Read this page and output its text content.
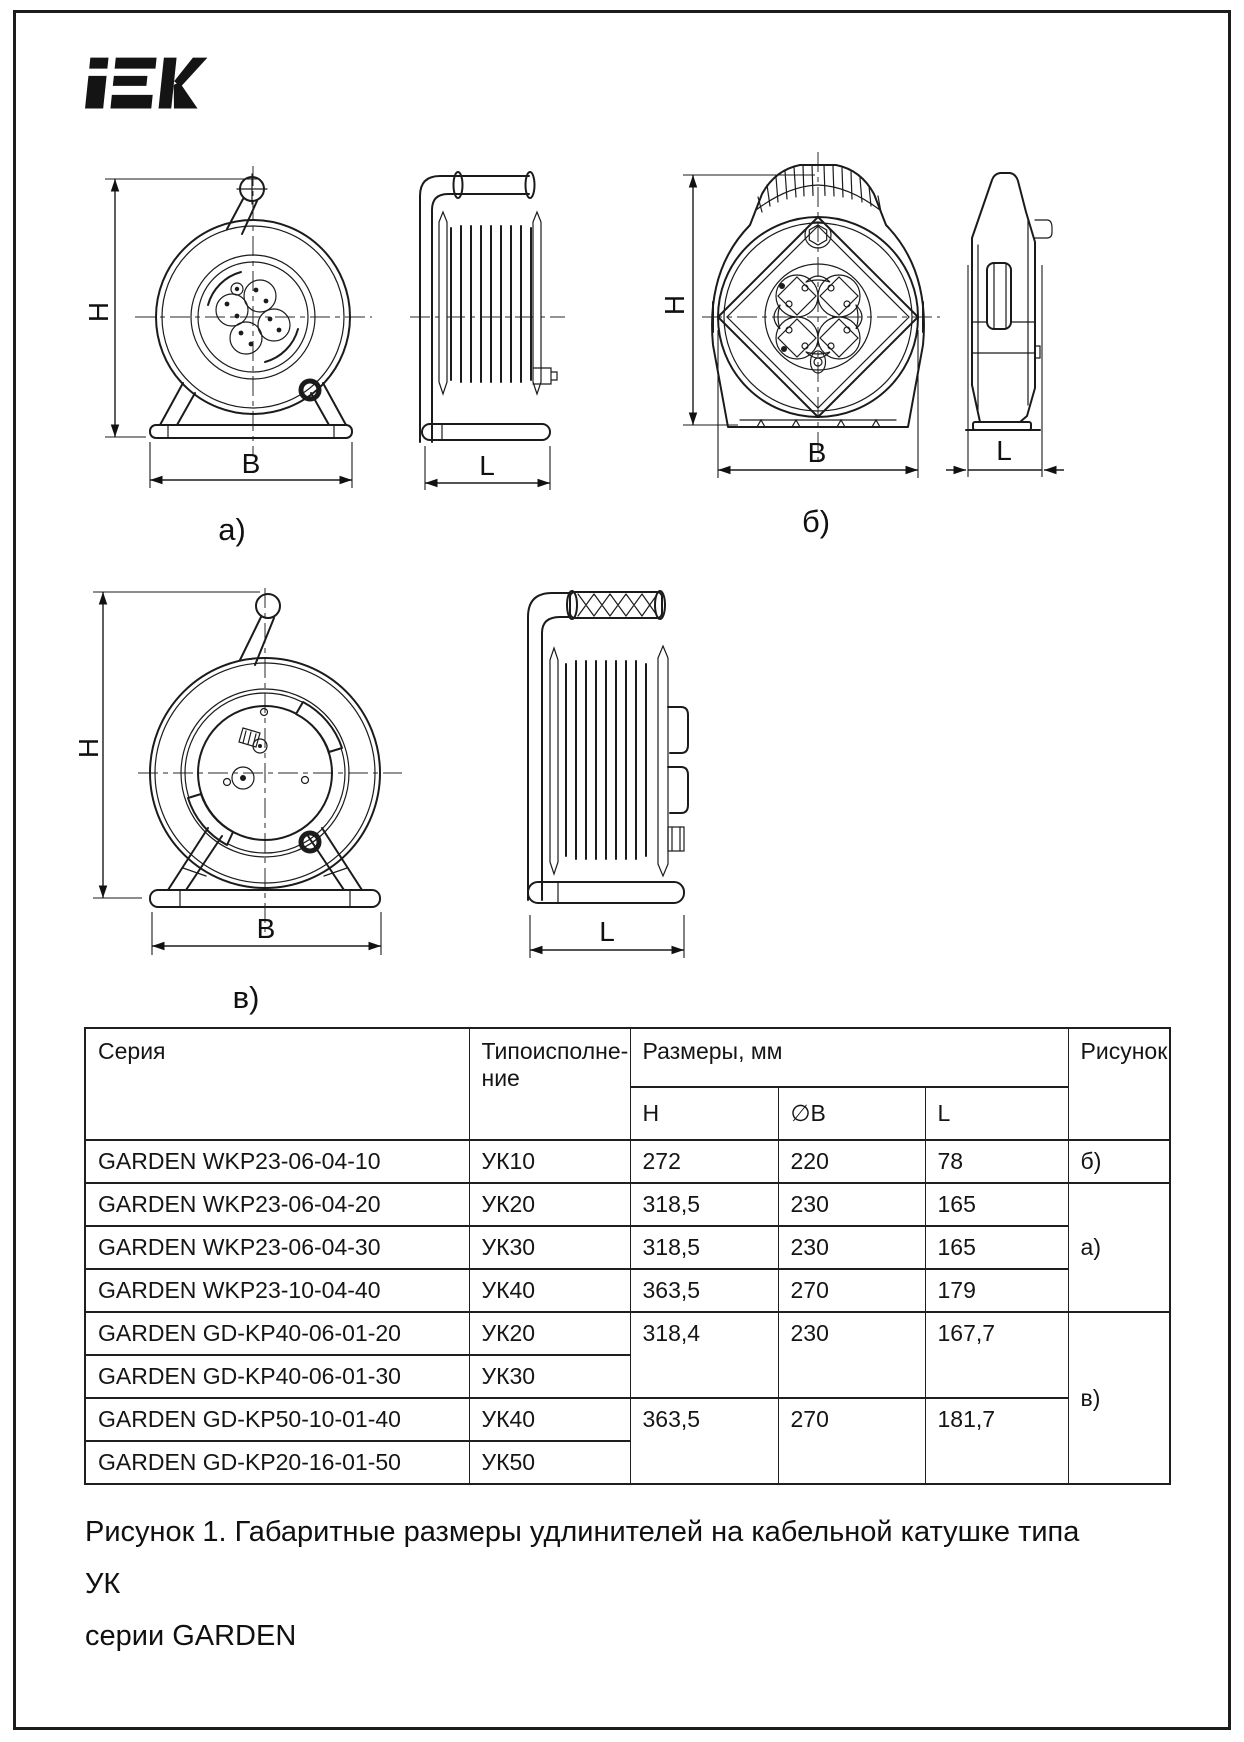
H
B
а)
L
H
B
б)
L
H
B
в)
L
Серия	Типоисполне-ние	Размеры, мм			Рисунок
		H	∅B	L	
GARDEN WKP23-06-04-10	УК10	272	220	78	б)
GARDEN WKP23-06-04-20	УК20	318,5	230	165	а)
GARDEN WKP23-06-04-30	УК30	318,5	230	165	
GARDEN WKP23-10-04-40	УК40	363,5	270	179	
GARDEN GD-KP40-06-01-20	УК20	318,4	230	167,7	в)
GARDEN GD-KP40-06-01-30	УК30				
GARDEN GD-KP50-10-01-40	УК40	363,5	270	181,7	
GARDEN GD-KP20-16-01-50	УК50				
Рисунок 1. Габаритные размеры удлинителей на кабельной катушке типа УК
серии GARDEN
